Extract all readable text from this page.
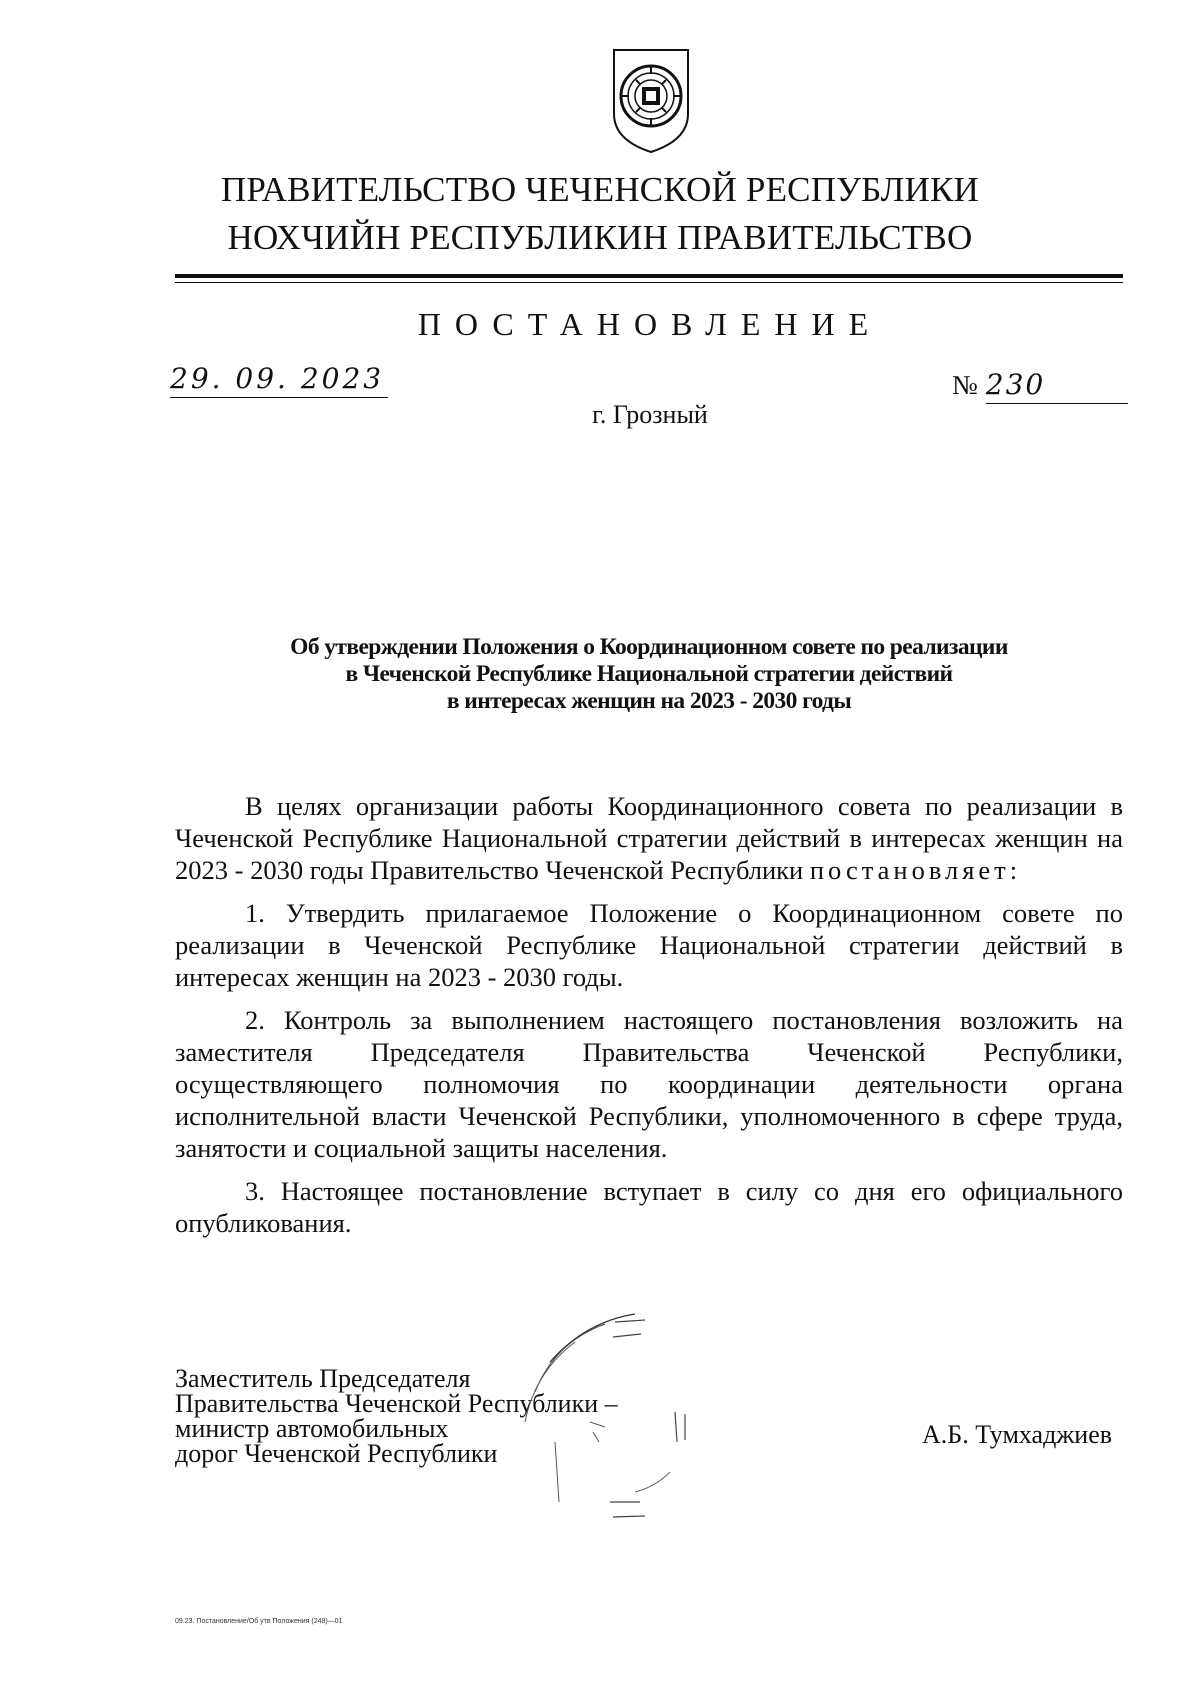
ПРАВИТЕЛЬСТВО ЧЕЧЕНСКОЙ РЕСПУБЛИКИ
НОХЧИЙН РЕСПУБЛИКИН ПРАВИТЕЛЬСТВО
ПОСТАНОВЛЕНИЕ
29. 09. 2023	№ 230
г. Грозный
Об утверждении Положения о Координационном совете по реализации
в Чеченской Республике Национальной стратегии действий
в интересах женщин на 2023 - 2030 годы

В целях организации работы Координационного совета по реализации в Чеченской Республике Национальной стратегии действий в интересах женщин на 2023 - 2030 годы Правительство Чеченской Республики постановляет:

1. Утвердить прилагаемое Положение о Координационном совете по реализации в Чеченской Республике Национальной стратегии действий в интересах женщин на 2023 - 2030 годы.

2. Контроль за выполнением настоящего постановления возложить на заместителя Председателя Правительства Чеченской Республики, осуществляющего полномочия по координации деятельности органа исполнительной власти Чеченской Республики, уполномоченного в сфере труда, занятости и социальной защиты населения.

3. Настоящее постановление вступает в силу со дня его официального опубликования.

Заместитель Председателя
Правительства Чеченской Республики –
министр автомобильных
дорог Чеченской Республики
А.Б. Тумхаджиев
09.23. Постановление/Об утв Положения (248)—01
